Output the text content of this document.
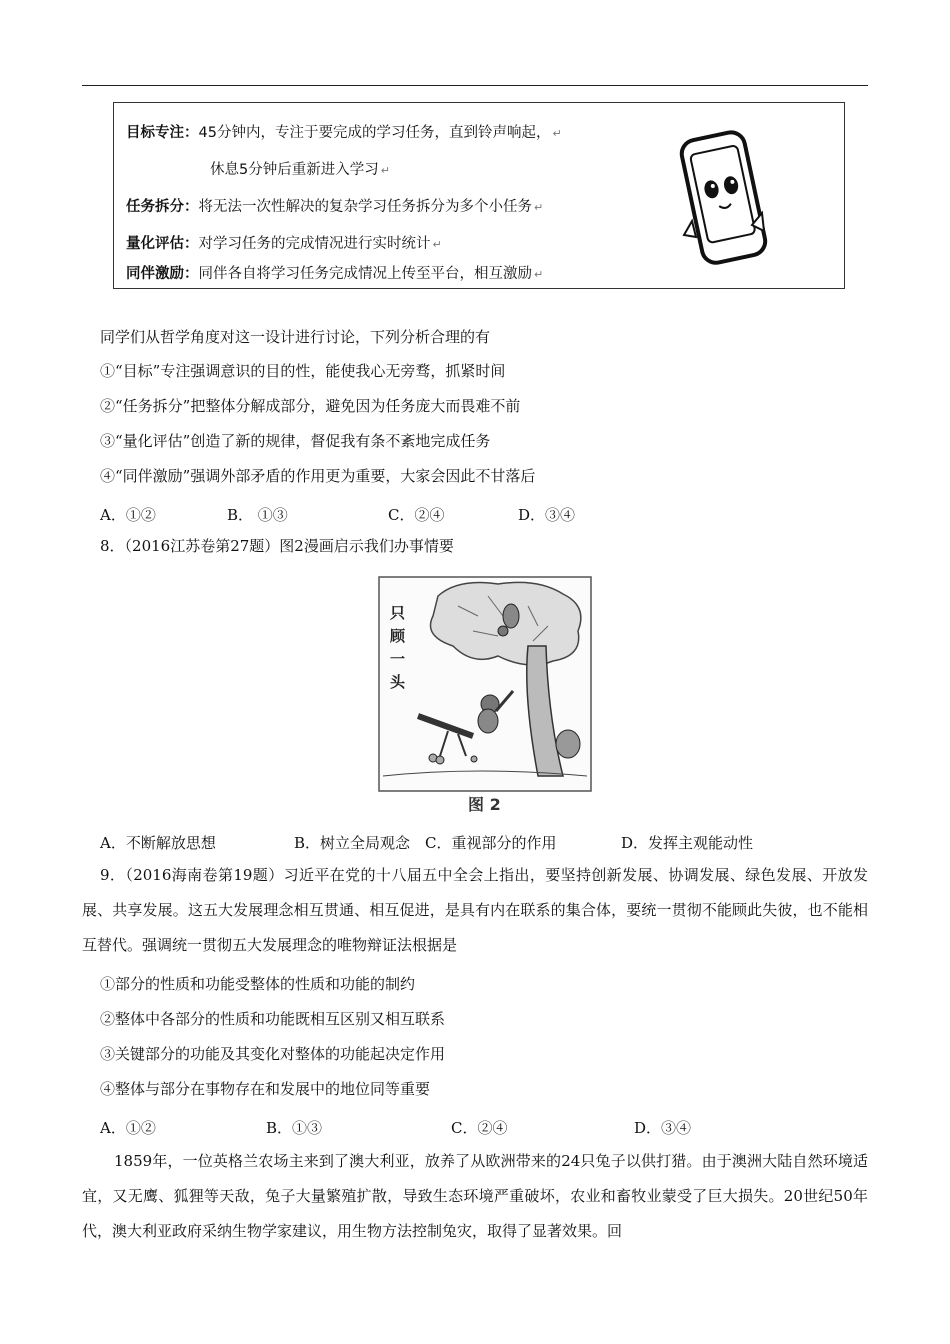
目标专注：45分钟内，专注于要完成的学习任务，直到铃声响起， ↵
休息5分钟后重新进入学习 ↵
任务拆分：将无法一次性解决的复杂学习任务拆分为多个小任务 ↵
量化评估：对学习任务的完成情况进行实时统计 ↵
同伴激励：同伴各自将学习任务完成情况上传至平台，相互激励 ↵
同学们从哲学角度对这一设计进行讨论，下列分析合理的有
①“目标”专注强调意识的目的性，能使我心无旁骛，抓紧时间
②“任务拆分”把整体分解成部分，避免因为任务庞大而畏难不前
③“量化评估”创造了新的规律，督促我有条不紊地完成任务
④“同伴激励”强调外部矛盾的作用更为重要，大家会因此不甘落后
A．①②	B． ①③	C．②④	D．③④
8．（2016江苏卷第27题）图2漫画启示我们办事情要
只
顾
一
头
图 2
A．不断解放思想	B．树立全局观念 C．重视部分的作用	D．发挥主观能动性
9．（2016海南卷第19题）习近平在党的十八届五中全会上指出，要坚持创新发展、协调发展、绿色发展、开放发展、共享发展。这五大发展理念相互贯通、相互促进，是具有内在联系的集合体，要统一贯彻不能顾此失彼，也不能相互替代。强调统一贯彻五大发展理念的唯物辩证法根据是
①部分的性质和功能受整体的性质和功能的制约
②整体中各部分的性质和功能既相互区别又相互联系
③关键部分的功能及其变化对整体的功能起决定作用
④整体与部分在事物存在和发展中的地位同等重要
A．①②	B．①③	C．②④	D．③④
1859年，一位英格兰农场主来到了澳大利亚，放养了从欧洲带来的24只兔子以供打猎。由于澳洲大陆自然环境适宜，又无鹰、狐狸等天敌，兔子大量繁殖扩散，导致生态环境严重破坏，农业和畜牧业蒙受了巨大损失。20世纪50年代，澳大利亚政府采纳生物学家建议，用生物方法控制兔灾，取得了显著效果。回
